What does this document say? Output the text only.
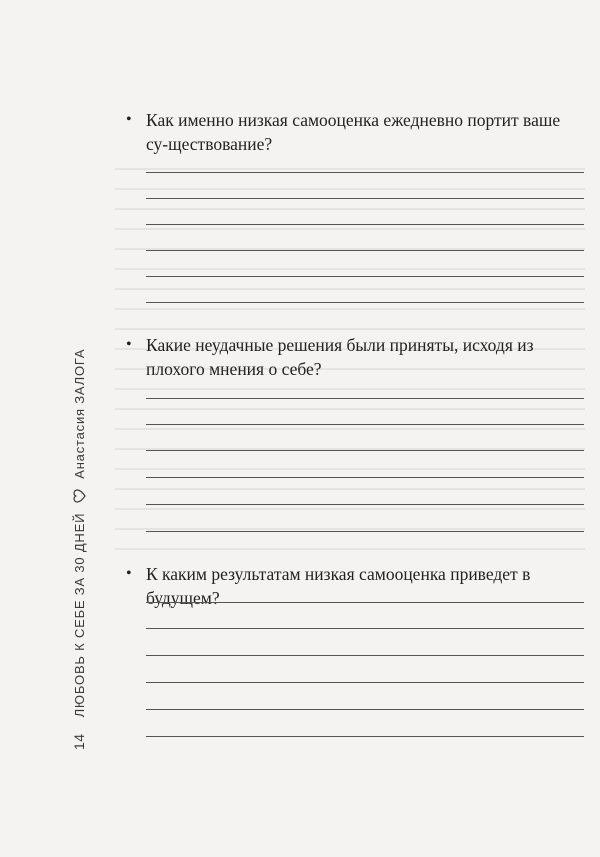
14
ЛЮБОВЬ К СЕБЕ ЗА 30 ДНЕЙ
Анастасия ЗАЛОГА
• Как именно низкая самооценка ежедневно портит ваше су-ществование?
• Какие неудачные решения были приняты, исходя из плохого мнения о себе?
• К каким результатам низкая самооценка приведет в будущем?
